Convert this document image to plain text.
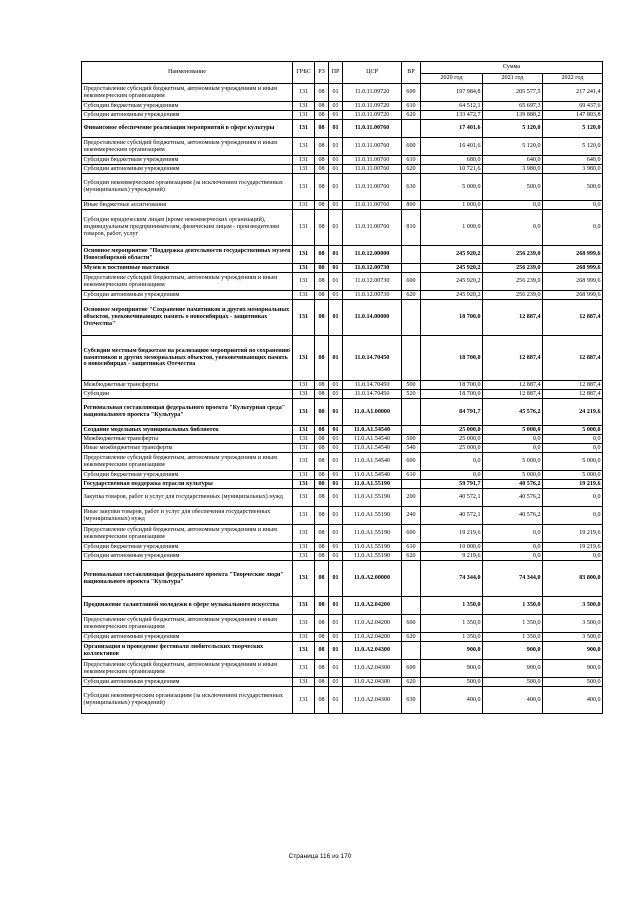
Наименование	ГРБС	РЗ	ПР	ЦСР	ВР	Сумма		
						2020 год	2021 год	2022 год
Предоставление субсидий бюджетным, автономным учреждениям и иным некоммерческим организациям	131	08	01	11.0.11.09720	600	197 984,8	205 577,5	217 241,4
Субсидии бюджетным учреждениям	131	08	01	11.0.11.09720	610	64 512,1	65 697,3	69 437,6
Субсидии автономным учреждениям	131	08	01	11.0.11.09720	620	133 472,7	139 880,2	147 803,8
Финансовое обеспечение реализации мероприятий в сфере культуры	131	08	01	11.0.11.00760		17 401,6	5 120,0	5 120,0
Предоставление субсидий бюджетным, автономным учреждениям и иным некоммерческим организациям	131	08	01	11.0.11.00760	600	16 401,6	5 120,0	5 120,0
Субсидии бюджетным учреждениям	131	08	01	11.0.11.00760	610	680,0	640,0	640,0
Субсидии автономным учреждениям	131	08	01	11.0.11.00760	620	10 721,6	3 980,0	3 980,0
Субсидии некоммерческим организациям (за исключением государственных (муниципальных) учреждений)	131	08	01	11.0.11.00760	630	5 000,0	500,0	500,0
Иные бюджетные ассигнования	131	08	01	11.0.11.00760	800	1 000,0	0,0	0,0
Субсидии юридическим лицам (кроме некоммерческих организаций), индивидуальным предпринимателям, физическим лицам - производителям товаров, работ, услуг	131	08	01	11.0.11.00760	810	1 000,0	0,0	0,0
Основное мероприятие "Поддержка деятельности государственных музеев Новосибирской области"	131	08	01	11.0.12.00000		245 920,2	256 239,0	268 999,6
Музеи и постоянные выставки	131	08	01	11.0.12.00730		245 920,2	256 239,0	268 999,6
Предоставление субсидий бюджетным, автономным учреждениям и иным некоммерческим организациям	131	08	01	11.0.12.00730	600	245 920,2	256 239,0	268 999,6
Субсидии автономным учреждениям	131	08	01	11.0.12.00730	620	245 920,2	256 239,0	268 999,6
Основное мероприятие "Сохранение памятников и других мемориальных объектов, увековечивающих память о новосибирцах - защитниках Отечества"	131	08	01	11.0.14.00000		18 700,0	12 887,4	12 887,4
Субсидии местным бюджетам на реализацию мероприятий по сохранению памятников и других мемориальных объектов, увековечивающих память о новосибирцах - защитниках Отечества	131	08	01	11.0.14.70450		18 700,0	12 887,4	12 887,4
Межбюджетные трансферты	131	08	01	11.0.14.70450	500	18 700,0	12 887,4	12 887,4
Субсидии	131	08	01	11.0.14.70450	520	18 700,0	12 887,4	12 887,4
Региональная составляющая федерального проекта "Культурная среда" национального проекта "Культура"	131	08	01	11.0.A1.00000		84 791,7	45 576,2	24 219,6
Создание модельных муниципальных библиотек	131	08	01	11.0.A1.54540		25 000,0	5 000,0	5 000,0
Межбюджетные трансферты	131	08	01	11.0.A1.54540	500	25 000,0	0,0	0,0
Иные межбюджетные трансферты	131	08	01	11.0.A1.54540	540	25 000,0	0,0	0,0
Предоставление субсидий бюджетным, автономным учреждениям и иным некоммерческим организациям	131	08	01	11.0.A1.54540	600	0,0	5 000,0	5 000,0
Субсидии бюджетным учреждениям	131	08	01	11.0.A1.54540	610	0,0	5 000,0	5 000,0
Государственная поддержка отрасли культуры	131	08	01	11.0.A1.55190		59 791,7	40 576,2	19 219,6
Закупка товаров, работ и услуг для государственных (муниципальных) нужд	131	08	01	11.0.A1.55190	200	40 572,1	40 576,2	0,0
Иные закупки товаров, работ и услуг для обеспечения государственных (муниципальных) нужд	131	08	01	11.0.A1.55190	240	40 572,1	40 576,2	0,0
Предоставление субсидий бюджетным, автономным учреждениям и иным некоммерческим организациям	131	08	01	11.0.A1.55190	600	19 219,6	0,0	19 219,6
Субсидии бюджетным учреждениям	131	08	01	11.0.A1.55190	610	10 000,0	0,0	19 219,6
Субсидии автономным учреждениям	131	08	01	11.0.A1.55190	620	9 219,6	0,0	0,0
Региональная составляющая федерального проекта "Творческие люди" национального проекта "Культура"	131	08	01	11.0.A2.00000		74 344,0	74 344,0	83 800,0
Продвижение талантливой молодежи в сфере музыкального искусства	131	08	01	11.0.A2.04200		1 350,0	1 350,0	3 500,0
Предоставление субсидий бюджетным, автономным учреждениям и иным некоммерческим организациям	131	08	01	11.0.A2.04200	600	1 350,0	1 350,0	3 500,0
Субсидии автономным учреждениям	131	08	01	11.0.A2.04200	620	1 350,0	1 350,0	3 500,0
Организация и проведение фестиваля любительских творческих коллективов	131	08	01	11.0.A2.04300		900,0	900,0	900,0
Предоставление субсидий бюджетным, автономным учреждениям и иным некоммерческим организациям	131	08	01	11.0.A2.04300	600	900,0	900,0	900,0
Субсидии автономным учреждениям	131	08	01	11.0.A2.04300	620	500,0	500,0	500,0
Субсидии некоммерческим организациям (за исключением государственных (муниципальных) учреждений)	131	08	01	11.0.A2.04300	630	400,0	400,0	400,0
Страница 116 из 170
